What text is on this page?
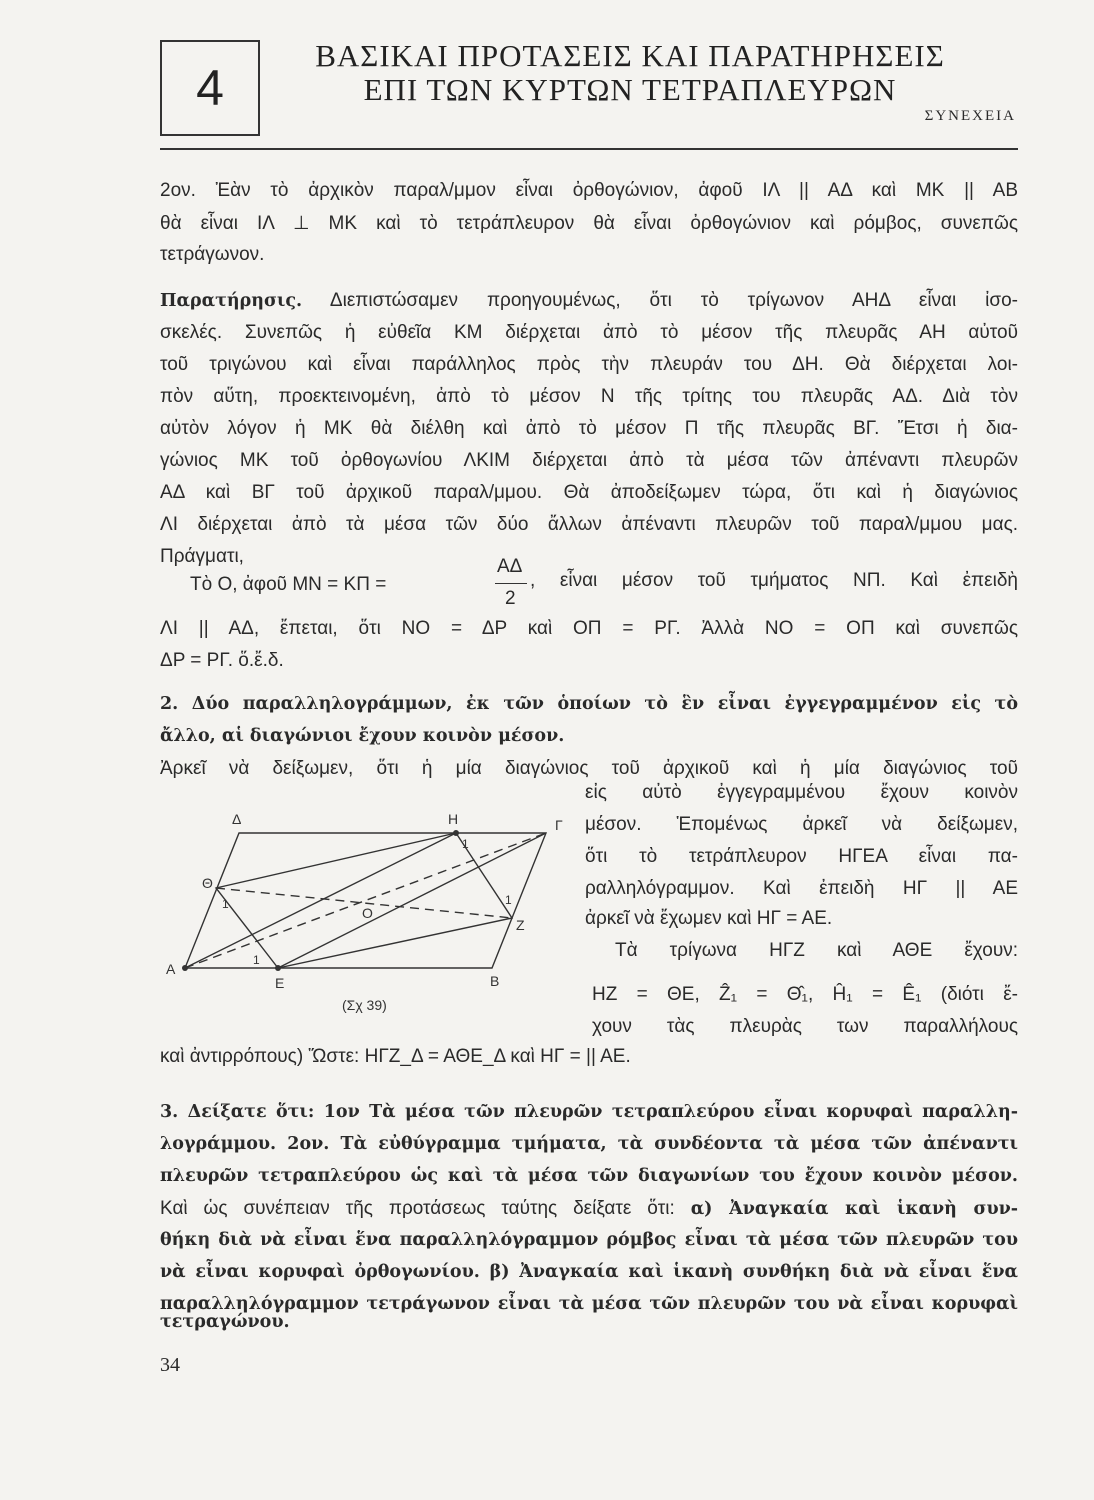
4
ΒΑΣΙΚΑΙ ΠΡΟΤΑΣΕΙΣ ΚΑΙ ΠΑΡΑΤΗΡΗΣΕΙΣ
ΕΠΙ ΤΩΝ ΚΥΡΤΩΝ ΤΕΤΡΑΠΛΕΥΡΩΝ
ΣΥΝΕΧΕΙΑ
2ον. Ἐὰν τὸ ἀρχικὸν παραλ/μμον εἶναι ὀρθογώνιον, ἀφοῦ ΙΛ || ΑΔ καὶ ΜΚ || ΑΒ
θὰ εἶναι ΙΛ ⊥ ΜΚ καὶ τὸ τετράπλευρον θὰ εἶναι ὀρθογώνιον καὶ ρόμβος, συνεπῶς
τετράγωνον.
Παρατήρησις. Διεπιστώσαμεν προηγουμένως, ὅτι τὸ τρίγωνον ΑΗΔ εἶναι ἰσο-
σκελές. Συνεπῶς ἡ εὐθεῖα ΚΜ διέρχεται ἀπὸ τὸ μέσον τῆς πλευρᾶς ΑΗ αὐτοῦ
τοῦ τριγώνου καὶ εἶναι παράλληλος πρὸς τὴν πλευράν του ΔΗ. Θὰ διέρχεται λοι-
πὸν αὕτη, προεκτεινομένη, ἀπὸ τὸ μέσον Ν τῆς τρίτης του πλευρᾶς ΑΔ. Διὰ τὸν
αὐτὸν λόγον ἡ ΜΚ θὰ διέλθη καὶ ἀπὸ τὸ μέσον Π τῆς πλευρᾶς ΒΓ. Ἔτσι ἡ δια-
γώνιος ΜΚ τοῦ ὀρθογωνίου ΛΚΙΜ διέρχεται ἀπὸ τὰ μέσα τῶν ἀπέναντι πλευρῶν
ΑΔ καὶ ΒΓ τοῦ ἀρχικοῦ παραλ/μμου. Θὰ ἀποδείξωμεν τώρα, ὅτι καὶ ἡ διαγώνιος
ΛΙ διέρχεται ἀπὸ τὰ μέσα τῶν δύο ἄλλων ἀπέναντι πλευρῶν τοῦ παραλ/μμου μας.
Πράγματι,
Τὸ Ο, ἀφοῦ ΜΝ = ΚΠ =
ΑΔ
2
, εἶναι μέσον τοῦ τμήματος ΝΠ. Καὶ ἐπειδὴ
ΛΙ || ΑΔ, ἔπεται, ὅτι ΝΟ = ΔΡ καὶ ΟΠ = ΡΓ. Ἀλλὰ ΝΟ = ΟΠ καὶ συνεπῶς
ΔΡ = ΡΓ. ὅ.ἔ.δ.
2. Δύο παραλληλογράμμων, ἐκ τῶν ὁποίων τὸ ἓν εἶναι ἐγγεγραμμένον εἰς τὸ
ἄλλο, αἱ διαγώνιοι ἔχουν κοινὸν μέσον.
Ἀρκεῖ νὰ δείξωμεν, ὅτι ἡ μία διαγώνιος τοῦ ἀρχικοῦ καὶ ἡ μία διαγώνιος τοῦ
εἰς αὐτὸ ἐγγεγραμμένου ἔχουν κοινὸν
μέσον. Ἑπομένως ἀρκεῖ νὰ δείξωμεν,
ὅτι τὸ τετράπλευρον ΗΓΕΑ εἶναι πα-
ραλληλόγραμμον. Καὶ ἐπειδὴ ΗΓ || ΑΕ
ἀρκεῖ νὰ ἔχωμεν καὶ ΗΓ = ΑΕ.
Τὰ τρίγωνα ΗΓΖ καὶ ΑΘΕ ἔχουν:
ΗΖ = ΘΕ, Ẑ₁ = Θ̂₁, Ĥ₁ = Ê₁ (διότι ἔ-
χουν τὰς πλευρὰς των παραλλήλους
καὶ ἀντιρρόπους) Ὥστε: ΗΓΖ_Δ = ΑΘΕ_Δ καὶ ΗΓ = || ΑΕ.
Α
Β
Γ
Δ
Ε
Η
Ζ
Θ
Ο
1
1
1
1
(Σχ 39)
3. Δείξατε ὅτι: 1ον Τὰ μέσα τῶν πλευρῶν τετραπλεύρου εἶναι κορυφαὶ παραλλη-
λογράμμου. 2ον. Τὰ εὐθύγραμμα τμήματα, τὰ συνδέοντα τὰ μέσα τῶν ἀπέναντι
πλευρῶν τετραπλεύρου ὡς καὶ τὰ μέσα τῶν διαγωνίων του ἔχουν κοινὸν μέσον.
Καὶ ὡς συνέπειαν τῆς προτάσεως ταύτης δείξατε ὅτι: α) Ἀναγκαία καὶ ἱκανὴ συν-
θήκη διὰ νὰ εἶναι ἕνα παραλληλόγραμμον ρόμβος εἶναι τὰ μέσα τῶν πλευρῶν του
νὰ εἶναι κορυφαὶ ὀρθογωνίου. β) Ἀναγκαία καὶ ἱκανὴ συνθήκη διὰ νὰ εἶναι ἕνα
παραλληλόγραμμον τετράγωνον εἶναι τὰ μέσα τῶν πλευρῶν του νὰ εἶναι κορυφαὶ
τετραγώνου.
34
